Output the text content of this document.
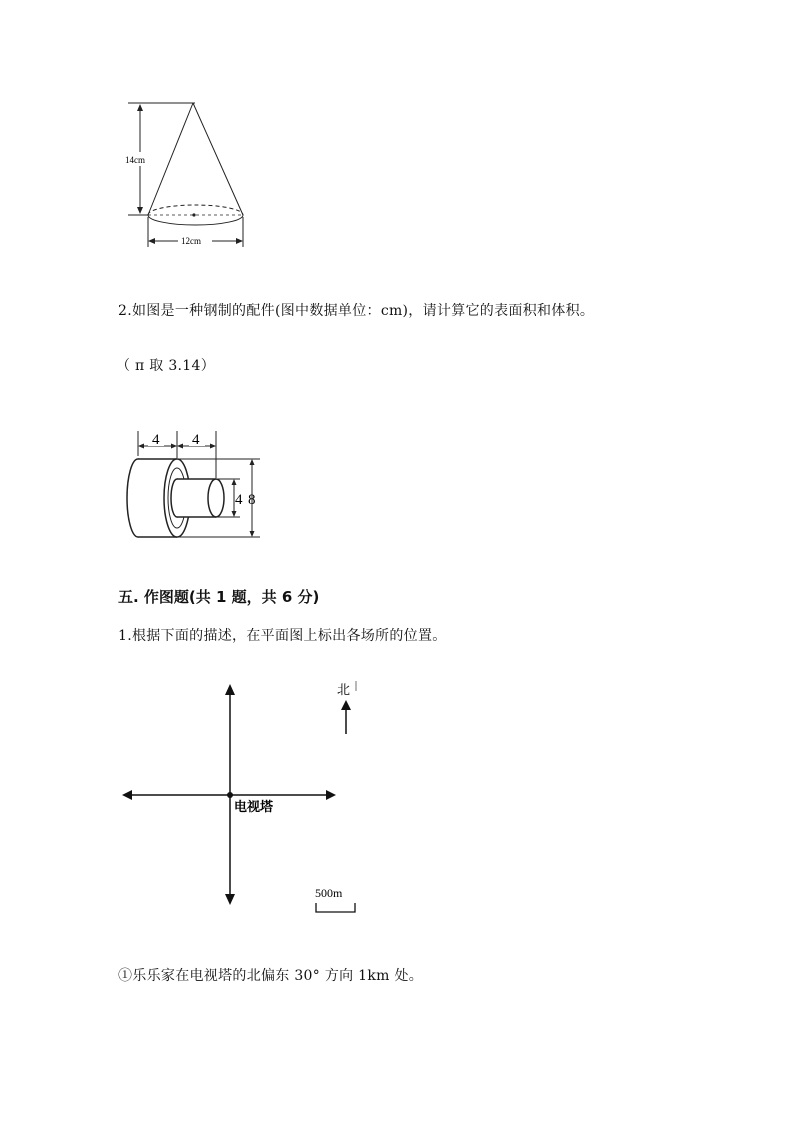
14cm
12cm
2.如图是一种钢制的配件(图中数据单位：cm)，请计算它的表面积和体积。
（ π 取 3.14）
4 4
4 8
五. 作图题(共 1 题，共 6 分)
1.根据下面的描述，在平面图上标出各场所的位置。
电视塔
北
500m
①乐乐家在电视塔的北偏东 30° 方向 1km 处。
